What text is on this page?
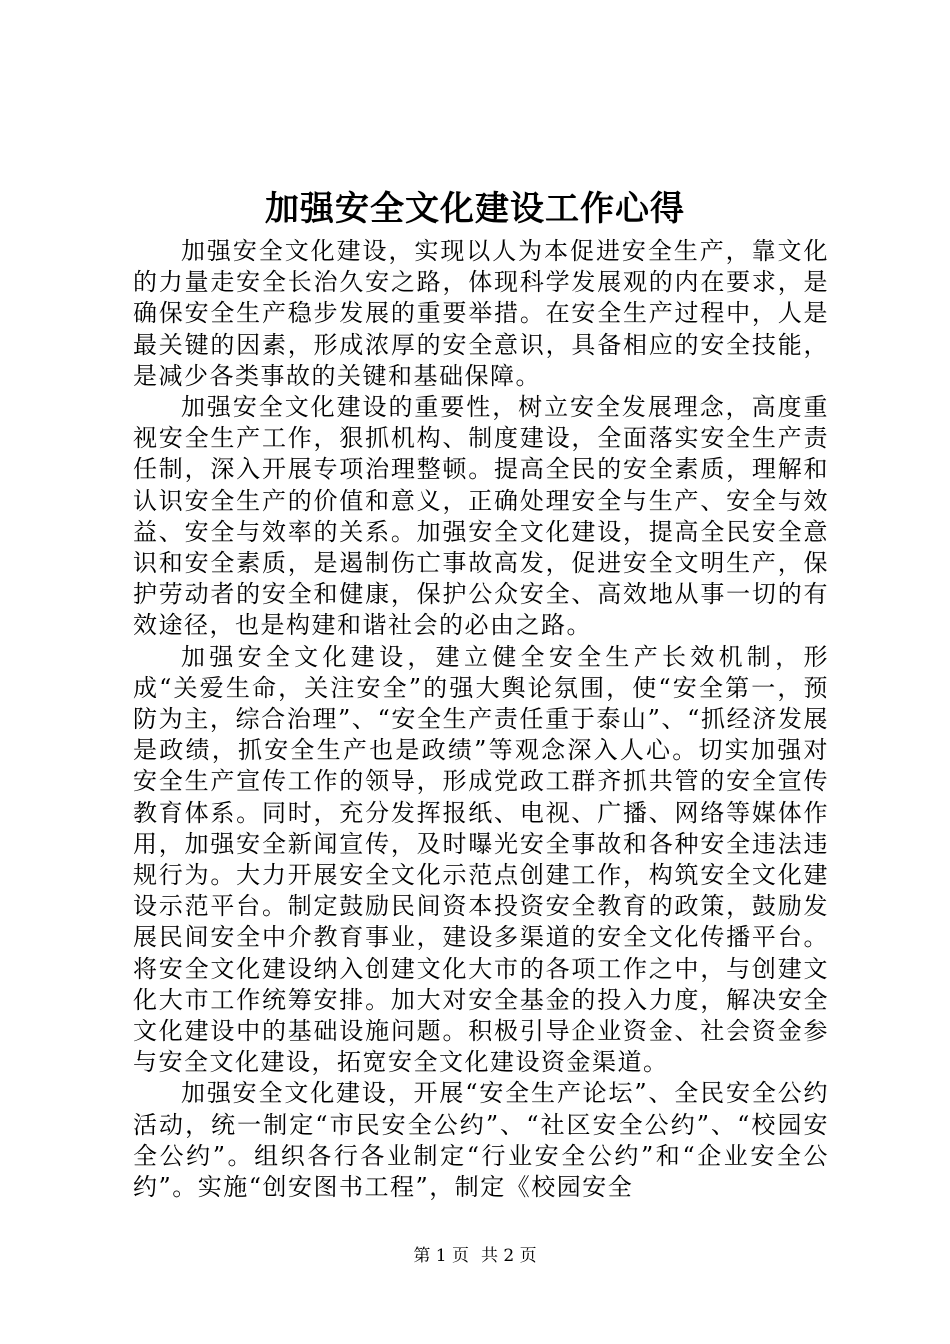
加强安全文化建设工作心得

加强安全文化建设，实现以人为本促进安全生产，靠文化的力量走安全长治久安之路，体现科学发展观的内在要求，是确保安全生产稳步发展的重要举措。在安全生产过程中，人是最关键的因素，形成浓厚的安全意识，具备相应的安全技能，是减少各类事故的关键和基础保障。

加强安全文化建设的重要性，树立安全发展理念，高度重视安全生产工作，狠抓机构、制度建设，全面落实安全生产责任制，深入开展专项治理整顿。提高全民的安全素质，理解和认识安全生产的价值和意义，正确处理安全与生产、安全与效益、安全与效率的关系。加强安全文化建设，提高全民安全意识和安全素质，是遏制伤亡事故高发，促进安全文明生产，保护劳动者的安全和健康，保护公众安全、高效地从事一切的有效途径，也是构建和谐社会的必由之路。

加强安全文化建设，建立健全安全生产长效机制，形成“关爱生命，关注安全”的强大舆论氛围，使“安全第一，预防为主，综合治理”、“安全生产责任重于泰山”、“抓经济发展是政绩，抓安全生产也是政绩”等观念深入人心。切实加强对安全生产宣传工作的领导，形成党政工群齐抓共管的安全宣传教育体系。同时，充分发挥报纸、电视、广播、网络等媒体作用，加强安全新闻宣传，及时曝光安全事故和各种安全违法违规行为。大力开展安全文化示范点创建工作，构筑安全文化建设示范平台。制定鼓励民间资本投资安全教育的政策，鼓励发展民间安全中介教育事业，建设多渠道的安全文化传播平台。将安全文化建设纳入创建文化大市的各项工作之中，与创建文化大市工作统筹安排。加大对安全基金的投入力度，解决安全文化建设中的基础设施问题。积极引导企业资金、社会资金参与安全文化建设，拓宽安全文化建设资金渠道。

加强安全文化建设，开展“安全生产论坛”、全民安全公约活动，统一制定“市民安全公约”、“社区安全公约”、“校园安全公约”。组织各行各业制定“行业安全公约”和“企业安全公约”。实施“创安图书工程”，制定《校园安全

第 1 页 共 2 页
